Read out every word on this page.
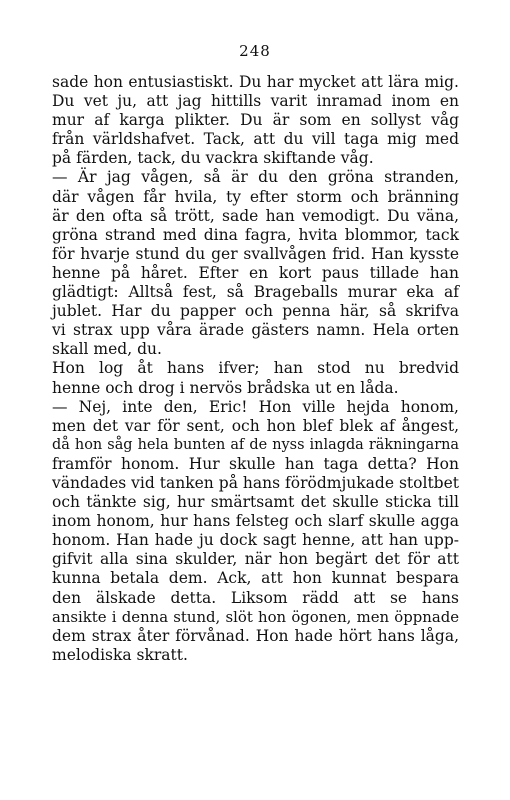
248
sade hon entusiastiskt. Du har mycket att lära mig.
Du vet ju, att jag hittills varit inramad inom en
mur af karga plikter. Du är som en sollyst våg
från världshafvet. Tack, att du vill taga mig med
på färden, tack, du vackra skiftande våg.
— Är jag vågen, så är du den gröna stranden,
där vågen får hvila, ty efter storm och bränning
är den ofta så trött, sade han vemodigt. Du väna,
gröna strand med dina fagra, hvita blommor, tack
för hvarje stund du ger svallvågen frid. Han kysste
henne på håret. Efter en kort paus tillade han
glädtigt: Alltså fest, så Brageballs murar eka af
jublet. Har du papper och penna här, så skrifva
vi strax upp våra ärade gästers namn. Hela orten
skall med, du.
Hon log åt hans ifver; han stod nu bredvid
henne och drog i nervös brådska ut en låda.
— Nej, inte den, Eric! Hon ville hejda honom,
men det var för sent, och hon blef blek af ångest,
då hon såg hela bunten af de nyss inlagda räkningarna
framför honom. Hur skulle han taga detta? Hon
vändades vid tanken på hans förödmjukade stoltbet
och tänkte sig, hur smärtsamt det skulle sticka till
inom honom, hur hans felsteg och slarf skulle agga
honom. Han hade ju dock sagt henne, att han upp-
gifvit alla sina skulder, när hon begärt det för att
kunna betala dem. Ack, att hon kunnat bespara
den älskade detta. Liksom rädd att se hans
ansikte i denna stund, slöt hon ögonen, men öppnade
dem strax åter förvånad. Hon hade hört hans låga,
melodiska skratt.
